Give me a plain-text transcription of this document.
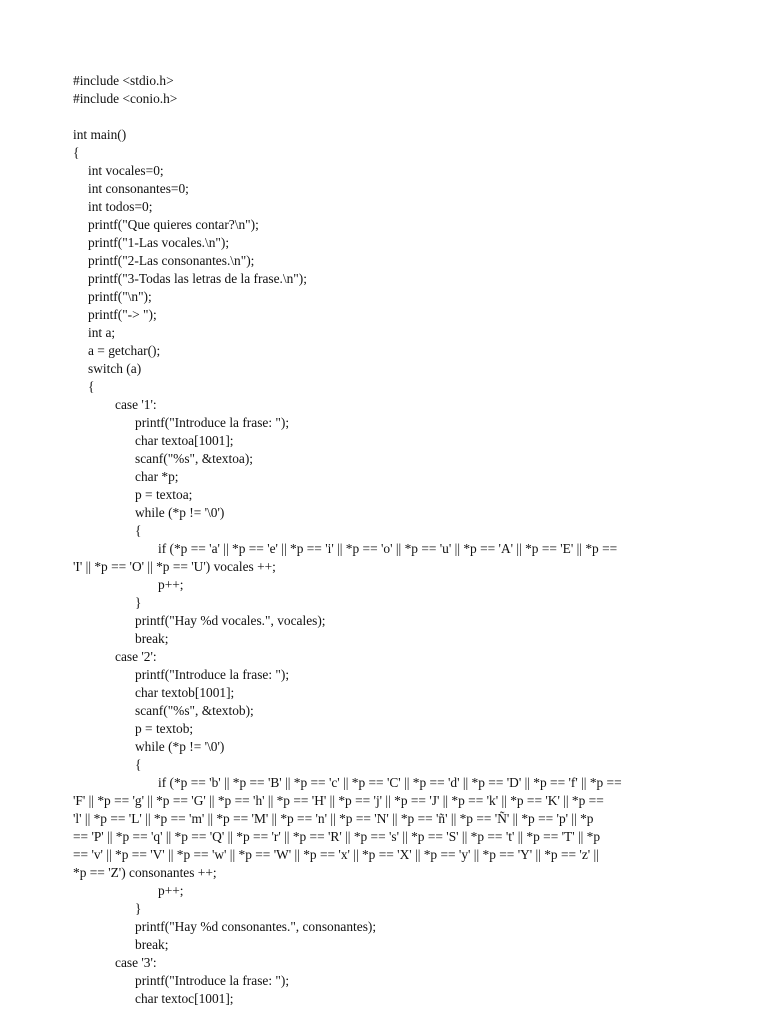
#include <stdio.h>
#include <conio.h>
int main()
{
int vocales=0;
int consonantes=0;
int todos=0;
printf("Que quieres contar?\n");
printf("1-Las vocales.\n");
printf("2-Las consonantes.\n");
printf("3-Todas las letras de la frase.\n");
printf("\n");
printf("-> ");
int a;
a = getchar();
switch (a)
{
case '1':
printf("Introduce la frase: ");
char textoa[1001];
scanf("%s", &textoa);
char *p;
p = textoa;
while (*p != '\0')
{
if (*p == 'a' || *p == 'e' || *p == 'i' || *p == 'o' || *p == 'u' || *p == 'A' || *p == 'E' || *p ==
'I' || *p == 'O' || *p == 'U') vocales ++;
p++;
}
printf("Hay %d vocales.", vocales);
break;
case '2':
printf("Introduce la frase: ");
char textob[1001];
scanf("%s", &textob);
p = textob;
while (*p != '\0')
{
if (*p == 'b' || *p == 'B' || *p == 'c' || *p == 'C' || *p == 'd' || *p == 'D' || *p == 'f' || *p ==
'F' || *p == 'g' || *p == 'G' || *p == 'h' || *p == 'H' || *p == 'j' || *p == 'J' || *p == 'k' || *p == 'K' || *p ==
'l' || *p == 'L' || *p == 'm' || *p == 'M' || *p == 'n' || *p == 'N' || *p == 'ñ' || *p == 'Ñ' || *p == 'p' || *p
== 'P' || *p == 'q' || *p == 'Q' || *p == 'r' || *p == 'R' || *p == 's' || *p == 'S' || *p == 't' || *p == 'T' || *p
== 'v' || *p == 'V' || *p == 'w' || *p == 'W' || *p == 'x' || *p == 'X' || *p == 'y' || *p == 'Y' || *p == 'z' ||
*p == 'Z') consonantes ++;
p++;
}
printf("Hay %d consonantes.", consonantes);
break;
case '3':
printf("Introduce la frase: ");
char textoc[1001];
